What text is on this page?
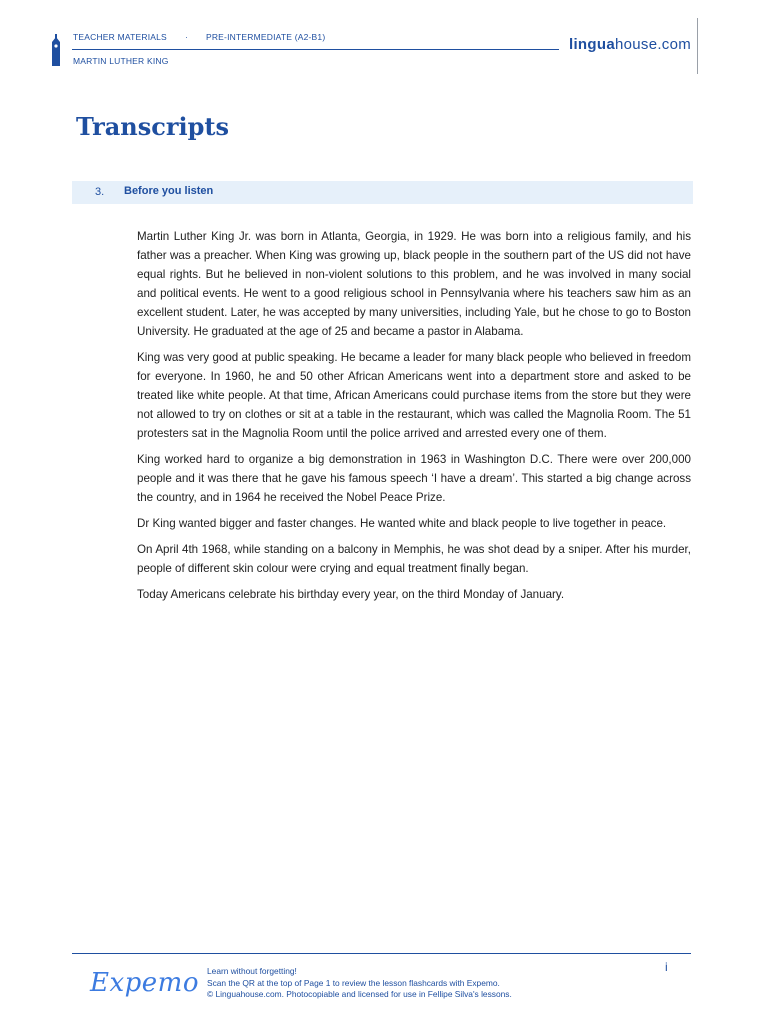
TEACHER MATERIALS · PRE-INTERMEDIATE (A2-B1)
MARTIN LUTHER KING
linguahouse.com
Transcripts
3. Before you listen

Martin Luther King Jr. was born in Atlanta, Georgia, in 1929. He was born into a religious family, and his father was a preacher. When King was growing up, black people in the southern part of the US did not have equal rights. But he believed in non-violent solutions to this problem, and he was involved in many social and political events. He went to a good religious school in Pennsylvania where his teachers saw him as an excellent student. Later, he was accepted by many universities, including Yale, but he chose to go to Boston University. He graduated at the age of 25 and became a pastor in Alabama.

King was very good at public speaking. He became a leader for many black people who believed in freedom for everyone. In 1960, he and 50 other African Americans went into a department store and asked to be treated like white people. At that time, African Americans could purchase items from the store but they were not allowed to try on clothes or sit at a table in the restaurant, which was called the Magnolia Room. The 51 protesters sat in the Magnolia Room until the police arrived and arrested every one of them.

King worked hard to organize a big demonstration in 1963 in Washington D.C. There were over 200,000 people and it was there that he gave his famous speech ‘I have a dream’. This started a big change across the country, and in 1964 he received the Nobel Peace Prize.

Dr King wanted bigger and faster changes. He wanted white and black people to live together in peace.

On April 4th 1968, while standing on a balcony in Memphis, he was shot dead by a sniper. After his murder, people of different skin colour were crying and equal treatment finally began.

Today Americans celebrate his birthday every year, on the third Monday of January.

Expemo Learn without forgetting!
Scan the QR at the top of Page 1 to review the lesson flashcards with Expemo.
© Linguahouse.com. Photocopiable and licensed for use in Fellipe Silva's lessons.
i
